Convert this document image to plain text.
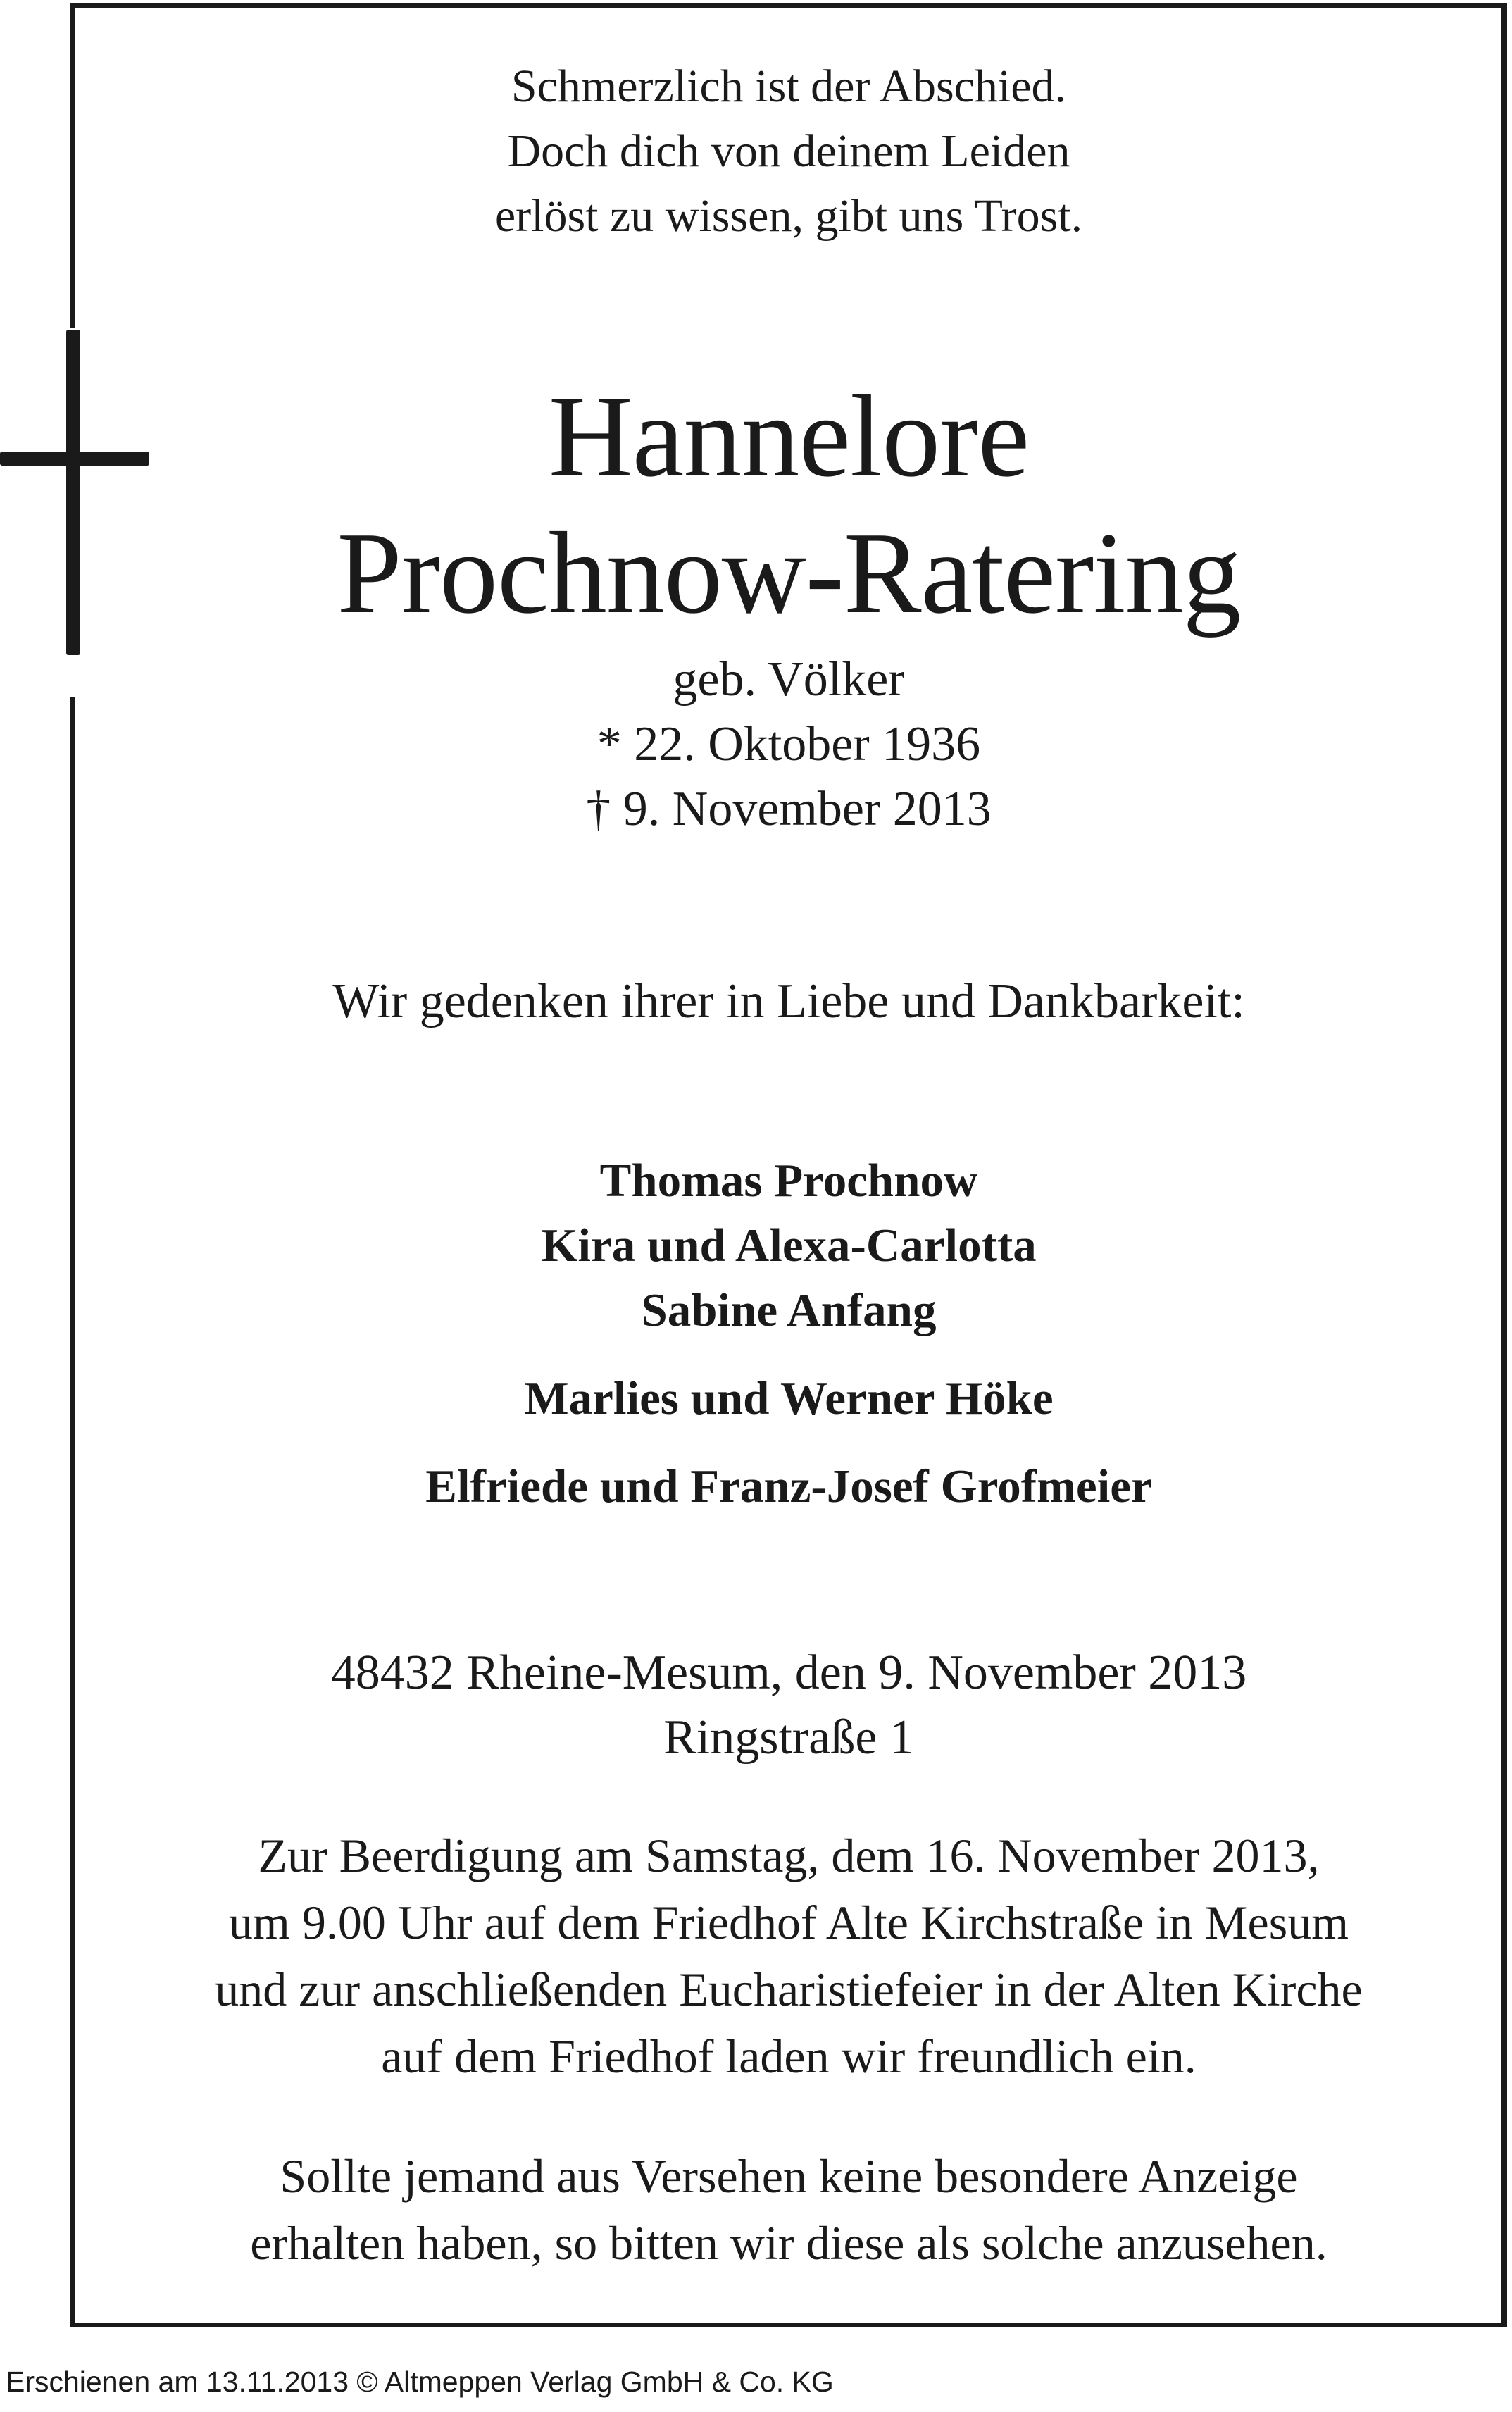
Schmerzlich ist der Abschied.
Doch dich von deinem Leiden
erlöst zu wissen, gibt uns Trost.
Hannelore
Prochnow-Ratering
geb. Völker
* 22. Oktober 1936
† 9. November 2013
Wir gedenken ihrer in Liebe und Dankbarkeit:
Thomas Prochnow
Kira und Alexa-Carlotta
Sabine Anfang
Marlies und Werner Höke
Elfriede und Franz-Josef Grofmeier
48432 Rheine-Mesum, den 9. November 2013
Ringstraße 1
Zur Beerdigung am Samstag, dem 16. November 2013,
um 9.00 Uhr auf dem Friedhof Alte Kirchstraße in Mesum
und zur anschließenden Eucharistiefeier in der Alten Kirche
auf dem Friedhof laden wir freundlich ein.
Sollte jemand aus Versehen keine besondere Anzeige
erhalten haben, so bitten wir diese als solche anzusehen.
Erschienen am 13.11.2013 © Altmeppen Verlag GmbH & Co. KG
